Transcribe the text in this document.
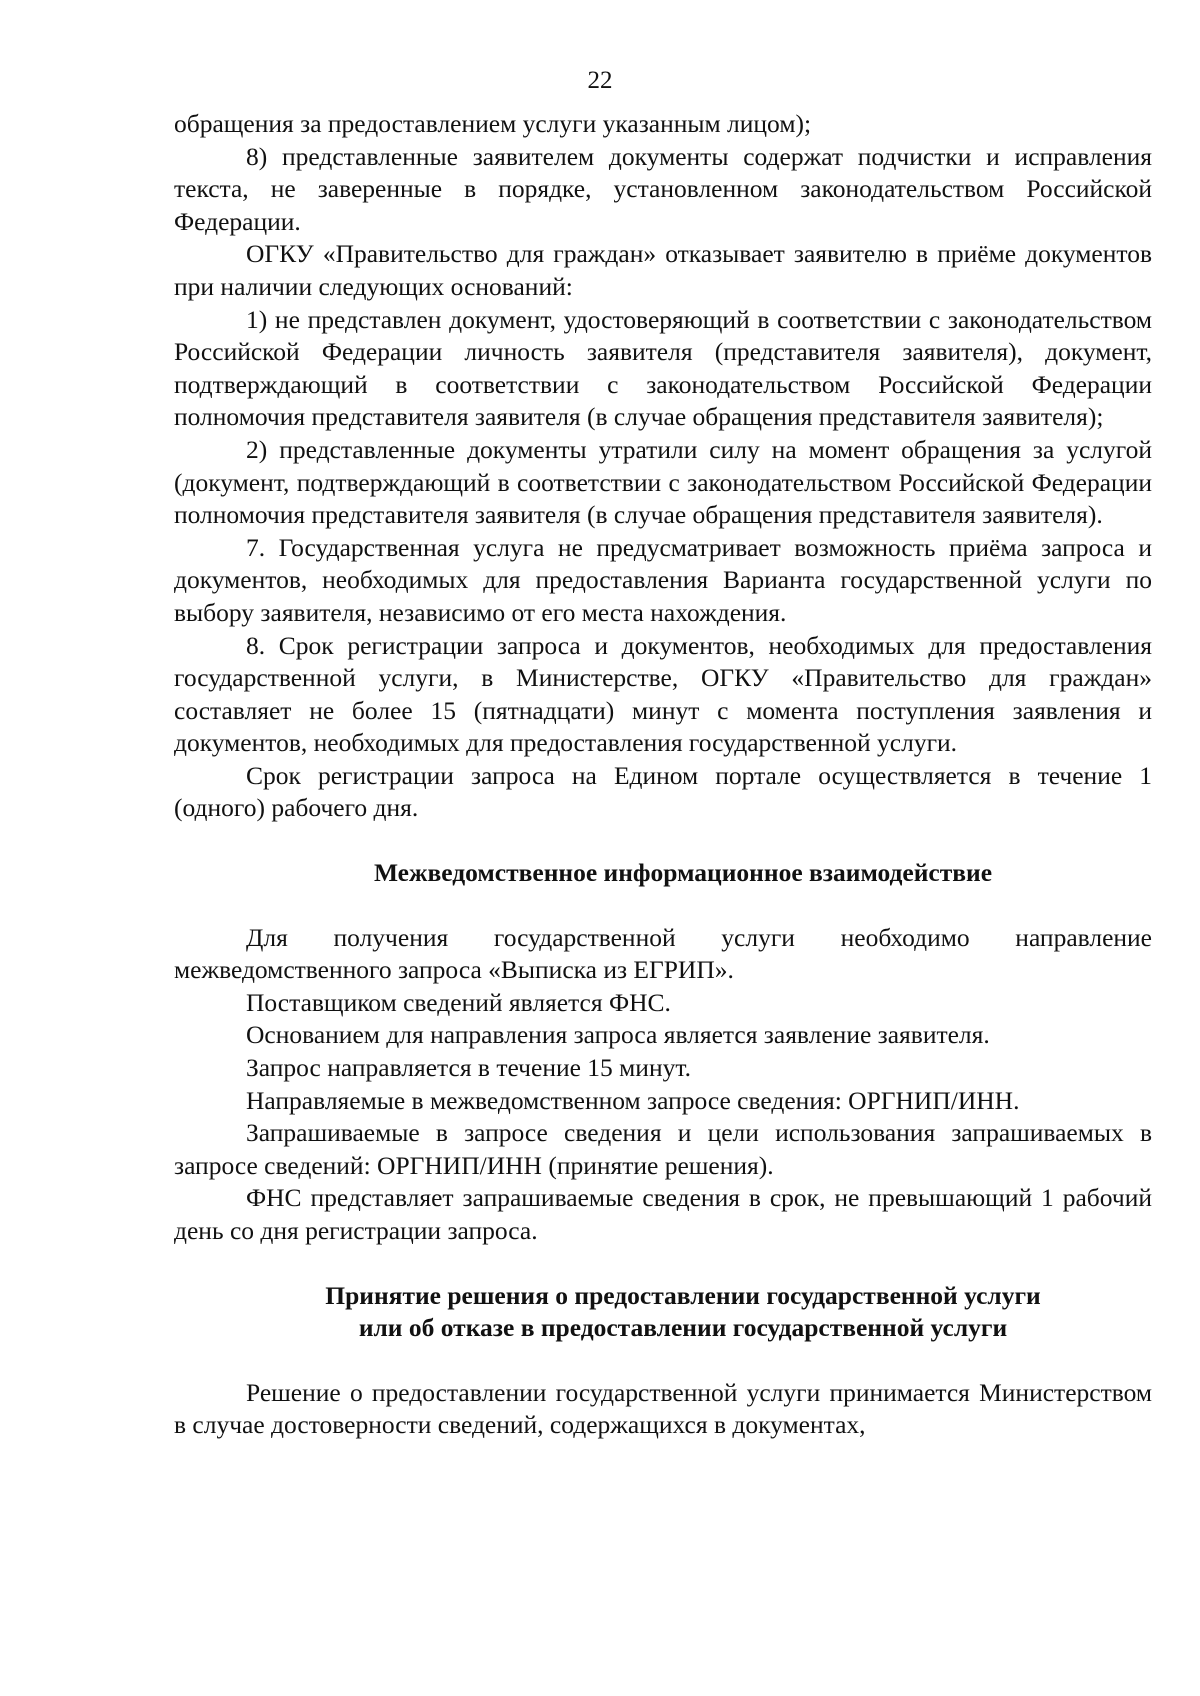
22

обращения за предоставлением услуги указанным лицом);

8) представленные заявителем документы содержат подчистки и исправления текста, не заверенные в порядке, установленном законодательством Российской Федерации.

ОГКУ «Правительство для граждан» отказывает заявителю в приёме документов при наличии следующих оснований:

1) не представлен документ, удостоверяющий в соответствии с законодательством Российской Федерации личность заявителя (представителя заявителя), документ, подтверждающий в соответствии с законодательством Российской Федерации полномочия представителя заявителя (в случае обращения представителя заявителя);

2) представленные документы утратили силу на момент обращения за услугой (документ, подтверждающий в соответствии с законодательством Российской Федерации полномочия представителя заявителя (в случае обращения представителя заявителя).

7. Государственная услуга не предусматривает возможность приёма запроса и документов, необходимых для предоставления Варианта государственной услуги по выбору заявителя, независимо от его места нахождения.

8. Срок регистрации запроса и документов, необходимых для предоставления государственной услуги, в Министерстве, ОГКУ «Правительство для граждан» составляет не более 15 (пятнадцати) минут с момента поступления заявления и документов, необходимых для предоставления государственной услуги.

Срок регистрации запроса на Едином портале осуществляется в течение 1 (одного) рабочего дня.

Межведомственное информационное взаимодействие

Для получения государственной услуги необходимо направление межведомственного запроса «Выписка из ЕГРИП».

Поставщиком сведений является ФНС.

Основанием для направления запроса является заявление заявителя.

Запрос направляется в течение 15 минут.

Направляемые в межведомственном запросе сведения: ОРГНИП/ИНН.

Запрашиваемые в запросе сведения и цели использования запрашиваемых в запросе сведений: ОРГНИП/ИНН (принятие решения).

ФНС представляет запрашиваемые сведения в срок, не превышающий 1 рабочий день со дня регистрации запроса.

Принятие решения о предоставлении государственной услуги

или об отказе в предоставлении государственной услуги

Решение о предоставлении государственной услуги принимается Министерством в случае достоверности сведений, содержащихся в документах,
